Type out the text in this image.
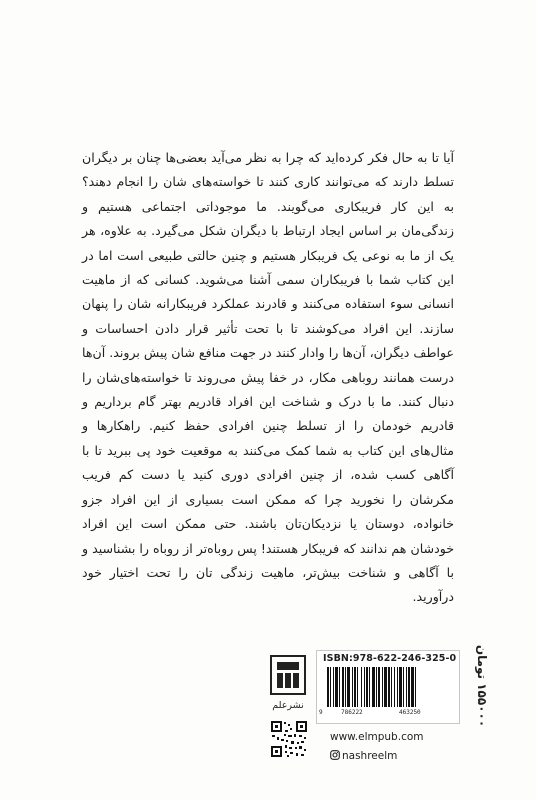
آیا تا به حال فکر کرده‌اید که چرا به نظر می‌آید بعضی‌ها چنان بر دیگران تسلط دارند که می‌توانند کاری کنند تا خواسته‌های شان را انجام دهند؟ به این کار فریبکاری می‌گویند. ما موجوداتی اجتماعی هستیم و زندگی‌مان بر اساس ایجاد ارتباط با دیگران شکل می‌گیرد. به علاوه، هر یک از ما به نوعی یک فریبکار هستیم و چنین حالتی طبیعی است اما در این کتاب شما با فریبکاران سمی آشنا می‌شوید. کسانی که از ماهیت انسانی سوء استفاده می‌کنند و قادرند عملکرد فریبکارانه شان را پنهان سازند. این افراد می‌کوشند تا با تحت تأثیر قرار دادن احساسات و عواطف دیگران، آن‌ها را وادار کنند در جهت منافع شان پیش بروند. آن‌ها درست همانند روباهی مکار، در خفا پیش می‌روند تا خواسته‌های‌شان را دنبال کنند. ما با درک و شناخت این افراد قادریم بهتر گام برداریم و قادریم خودمان را از تسلط چنین افرادی حفظ کنیم. راهکارها و مثال‌های این کتاب به شما کمک می‌کنند به موقعیت خود پی ببرید تا با آگاهی کسب شده، از چنین افرادی دوری کنید یا دست کم فریب مکرشان را نخورید چرا که ممکن است بسیاری از این افراد جزو خانواده، دوستان یا نزدیکان‌تان باشند. حتی ممکن است این افراد خودشان هم ندانند که فریبکار هستند! پس روباه‌تر از روباه را بشناسید و با آگاهی و شناخت بیش‌تر، ماهیت زندگی تان را تحت اختیار خود درآورید.

نشرعلم
ISBN:978-622-246-325-0
9	786222	463250
۱۵۵۰۰۰ تومان
www.elmpub.com
nashreelm
